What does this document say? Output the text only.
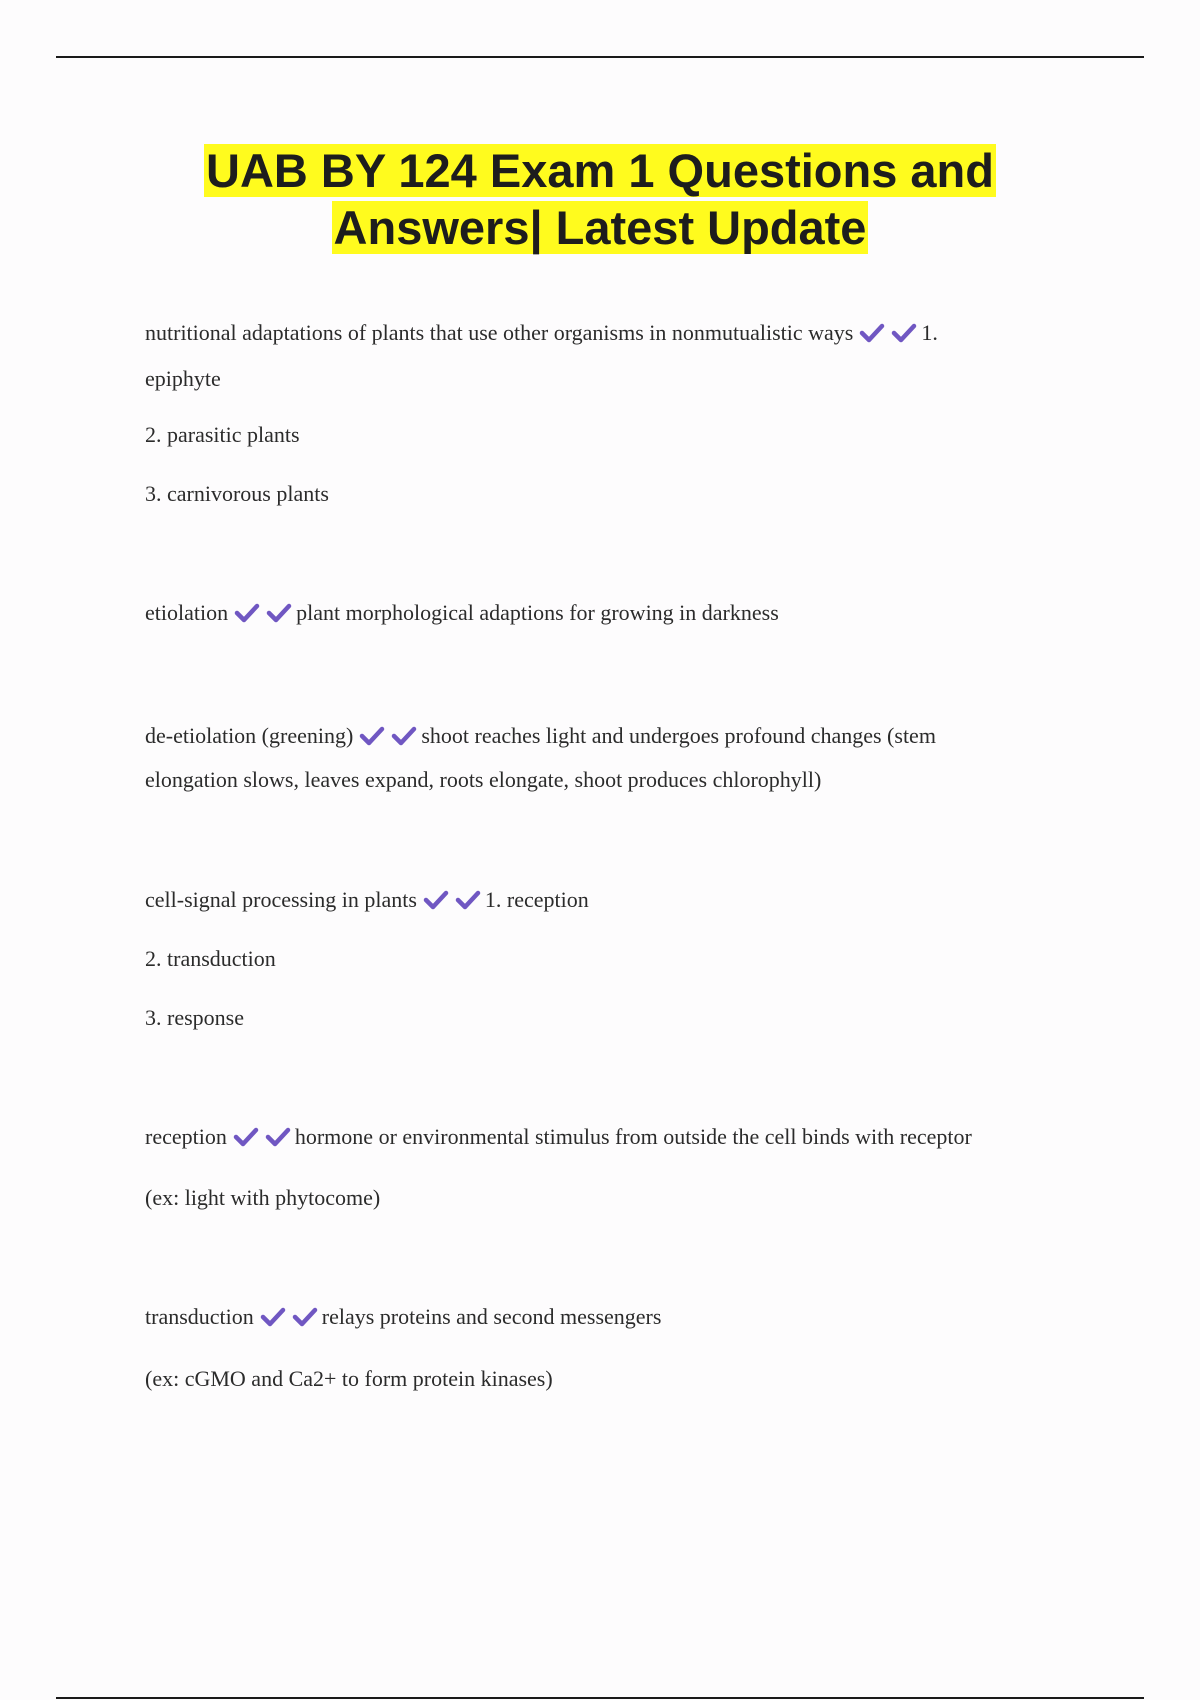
UAB BY 124 Exam 1 Questions and
Answers| Latest Update
nutritional adaptations of plants that use other organisms in nonmutualistic ways	1.
epiphyte
2. parasitic plants
3. carnivorous plants
etiolation	plant morphological adaptions for growing in darkness
de-etiolation (greening)	shoot reaches light and undergoes profound changes (stem
elongation slows, leaves expand, roots elongate, shoot produces chlorophyll)
cell-signal processing in plants	1. reception
2. transduction
3. response
reception	hormone or environmental stimulus from outside the cell binds with receptor
(ex: light with phytocome)
transduction	relays proteins and second messengers
(ex: cGMO and Ca2+ to form protein kinases)
